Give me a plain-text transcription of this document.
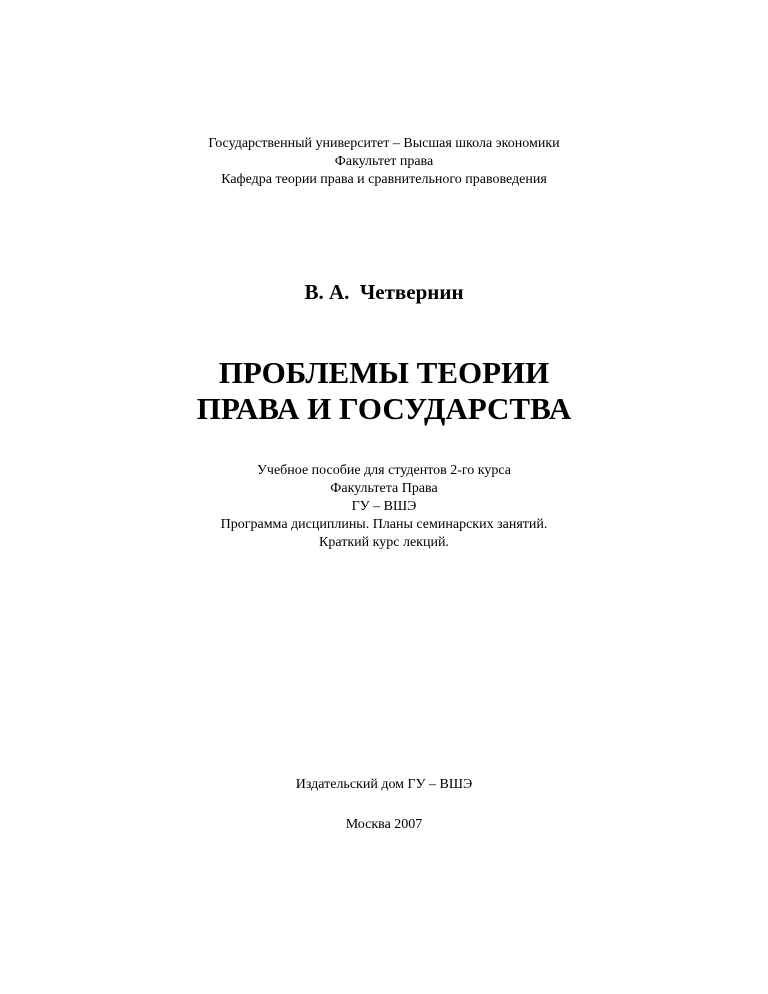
Государственный университет – Высшая школа экономики
Факультет права
Кафедра теории права и сравнительного правоведения
В. А.  Четвернин
ПРОБЛЕМЫ ТЕОРИИ
ПРАВА И ГОСУДАРСТВА
Учебное пособие для студентов 2-го курса
Факультета Права
ГУ – ВШЭ
Программа дисциплины. Планы семинарских занятий.
Краткий курс лекций.
Издательский дом ГУ – ВШЭ
Москва 2007
